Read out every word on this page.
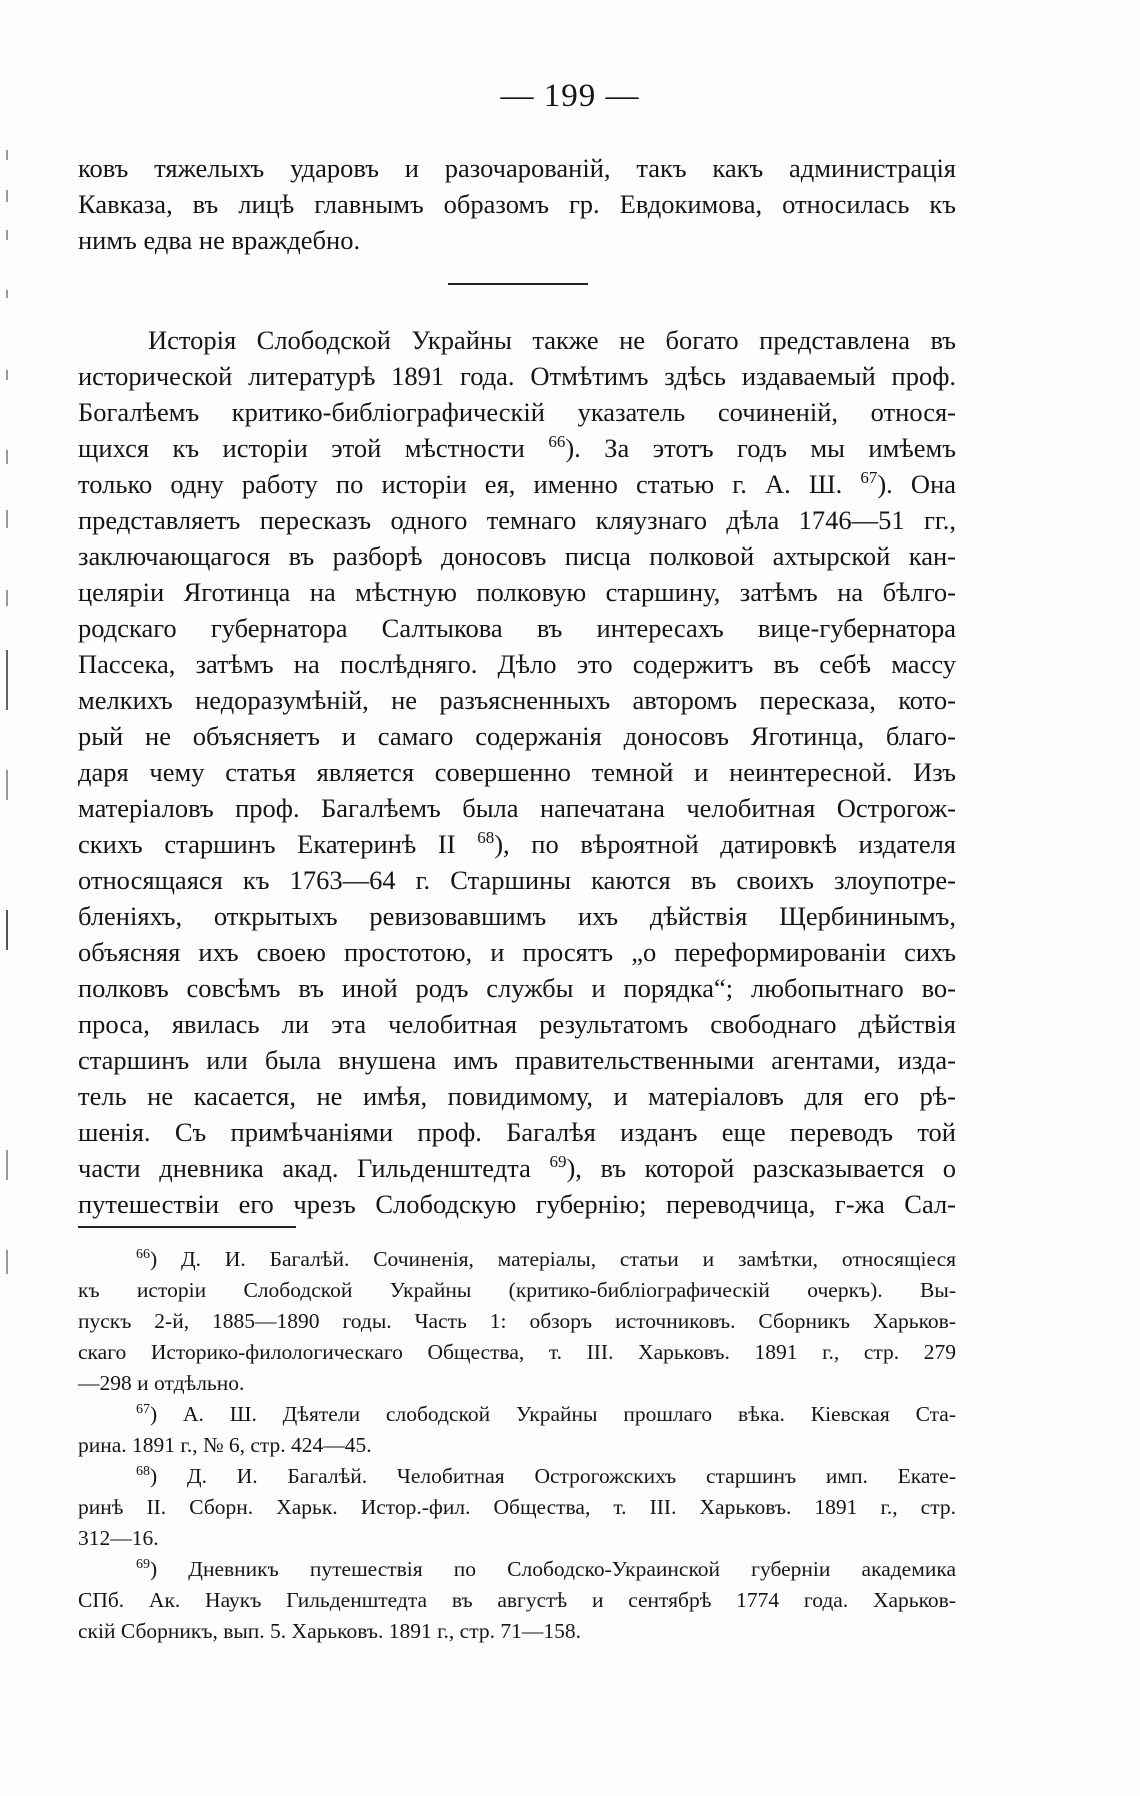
— 199 —
ковъ тяжелыхъ ударовъ и разочарованій, такъ какъ администрація
Кавказа, въ лицѣ главнымъ образомъ гр. Евдокимова, относилась къ
нимъ едва не враждебно.
Исторія Слободской Украйны также не богато представлена въ
исторической литературѣ 1891 года. Отмѣтимъ здѣсь издаваемый проф.
Богалѣемъ критико-библіографическій указатель сочиненій, относя-
щихся къ исторіи этой мѣстности $^{66}$). За этотъ годъ мы имѣемъ
только одну работу по исторіи ея, именно статью г. А. Ш. $^{67}$). Она
представляетъ пересказъ одного темнаго кляузнаго дѣла 1746—51 гг.,
заключающагося въ разборѣ доносовъ писца полковой ахтырской кан-
целяріи Яготинца на мѣстную полковую старшину, затѣмъ на бѣлго-
родскаго губернатора Салтыкова въ интересахъ вице-губернатора
Пассека, затѣмъ на послѣдняго. Дѣло это содержитъ въ себѣ массу
мелкихъ недоразумѣній, не разъясненныхъ авторомъ пересказа, кото-
рый не объясняетъ и самаго содержанія доносовъ Яготинца, благо-
даря чему статья является совершенно темной и неинтересной. Изъ
матеріаловъ проф. Багалѣемъ была напечатана челобитная Острогож-
скихъ старшинъ Екатеринѣ II $^{68}$), по вѣроятной датировкѣ издателя
относящаяся къ 1763—64 г. Старшины каются въ своихъ злоупотре-
бленіяхъ, открытыхъ ревизовавшимъ ихъ дѣйствія Щербининымъ,
объясняя ихъ своею простотою, и просятъ „о переформированіи сихъ
полковъ совсѣмъ въ иной родъ службы и порядка“; любопытнаго во-
проса, явилась ли эта челобитная результатомъ свободнаго дѣйствія
старшинъ или была внушена имъ правительственными агентами, изда-
тель не касается, не имѣя, повидимому, и матеріаловъ для его рѣ-
шенія. Съ примѣчаніями проф. Багалѣя изданъ еще переводъ той
части дневника акад. Гильденштедта $^{69}$), въ которой разсказывается о
путешествіи его чрезъ Слободскую губернію; переводчица, г-жа Сал-
$^{66}$) Д. И. Багалѣй. Сочиненія, матеріалы, статьи и замѣтки, относящіеся
къ исторіи Слободской Украйны (критико-библіографическій очеркъ). Вы-
пускъ 2-й, 1885—1890 годы. Часть 1: обзоръ источниковъ. Сборникъ Харьков-
скаго Историко-филологическаго Общества, т. III. Харьковъ. 1891 г., стр. 279
—298 и отдѣльно.
$^{67}$) А. Ш. Дѣятели слободской Украйны прошлаго вѣка. Кіевская Ста-
рина. 1891 г., № 6, стр. 424—45.
$^{68}$) Д. И. Багалѣй. Челобитная Острогожскихъ старшинъ имп. Екате-
ринѣ II. Сборн. Харьк. Истор.-фил. Общества, т. III. Харьковъ. 1891 г., стр.
312—16.
$^{69}$) Дневникъ путешествія по Слободско-Украинской губерніи академика
СПб. Ак. Наукъ Гильденштедта въ августѣ и сентябрѣ 1774 года. Харьков-
скій Сборникъ, вып. 5. Харьковъ. 1891 г., стр. 71—158.
